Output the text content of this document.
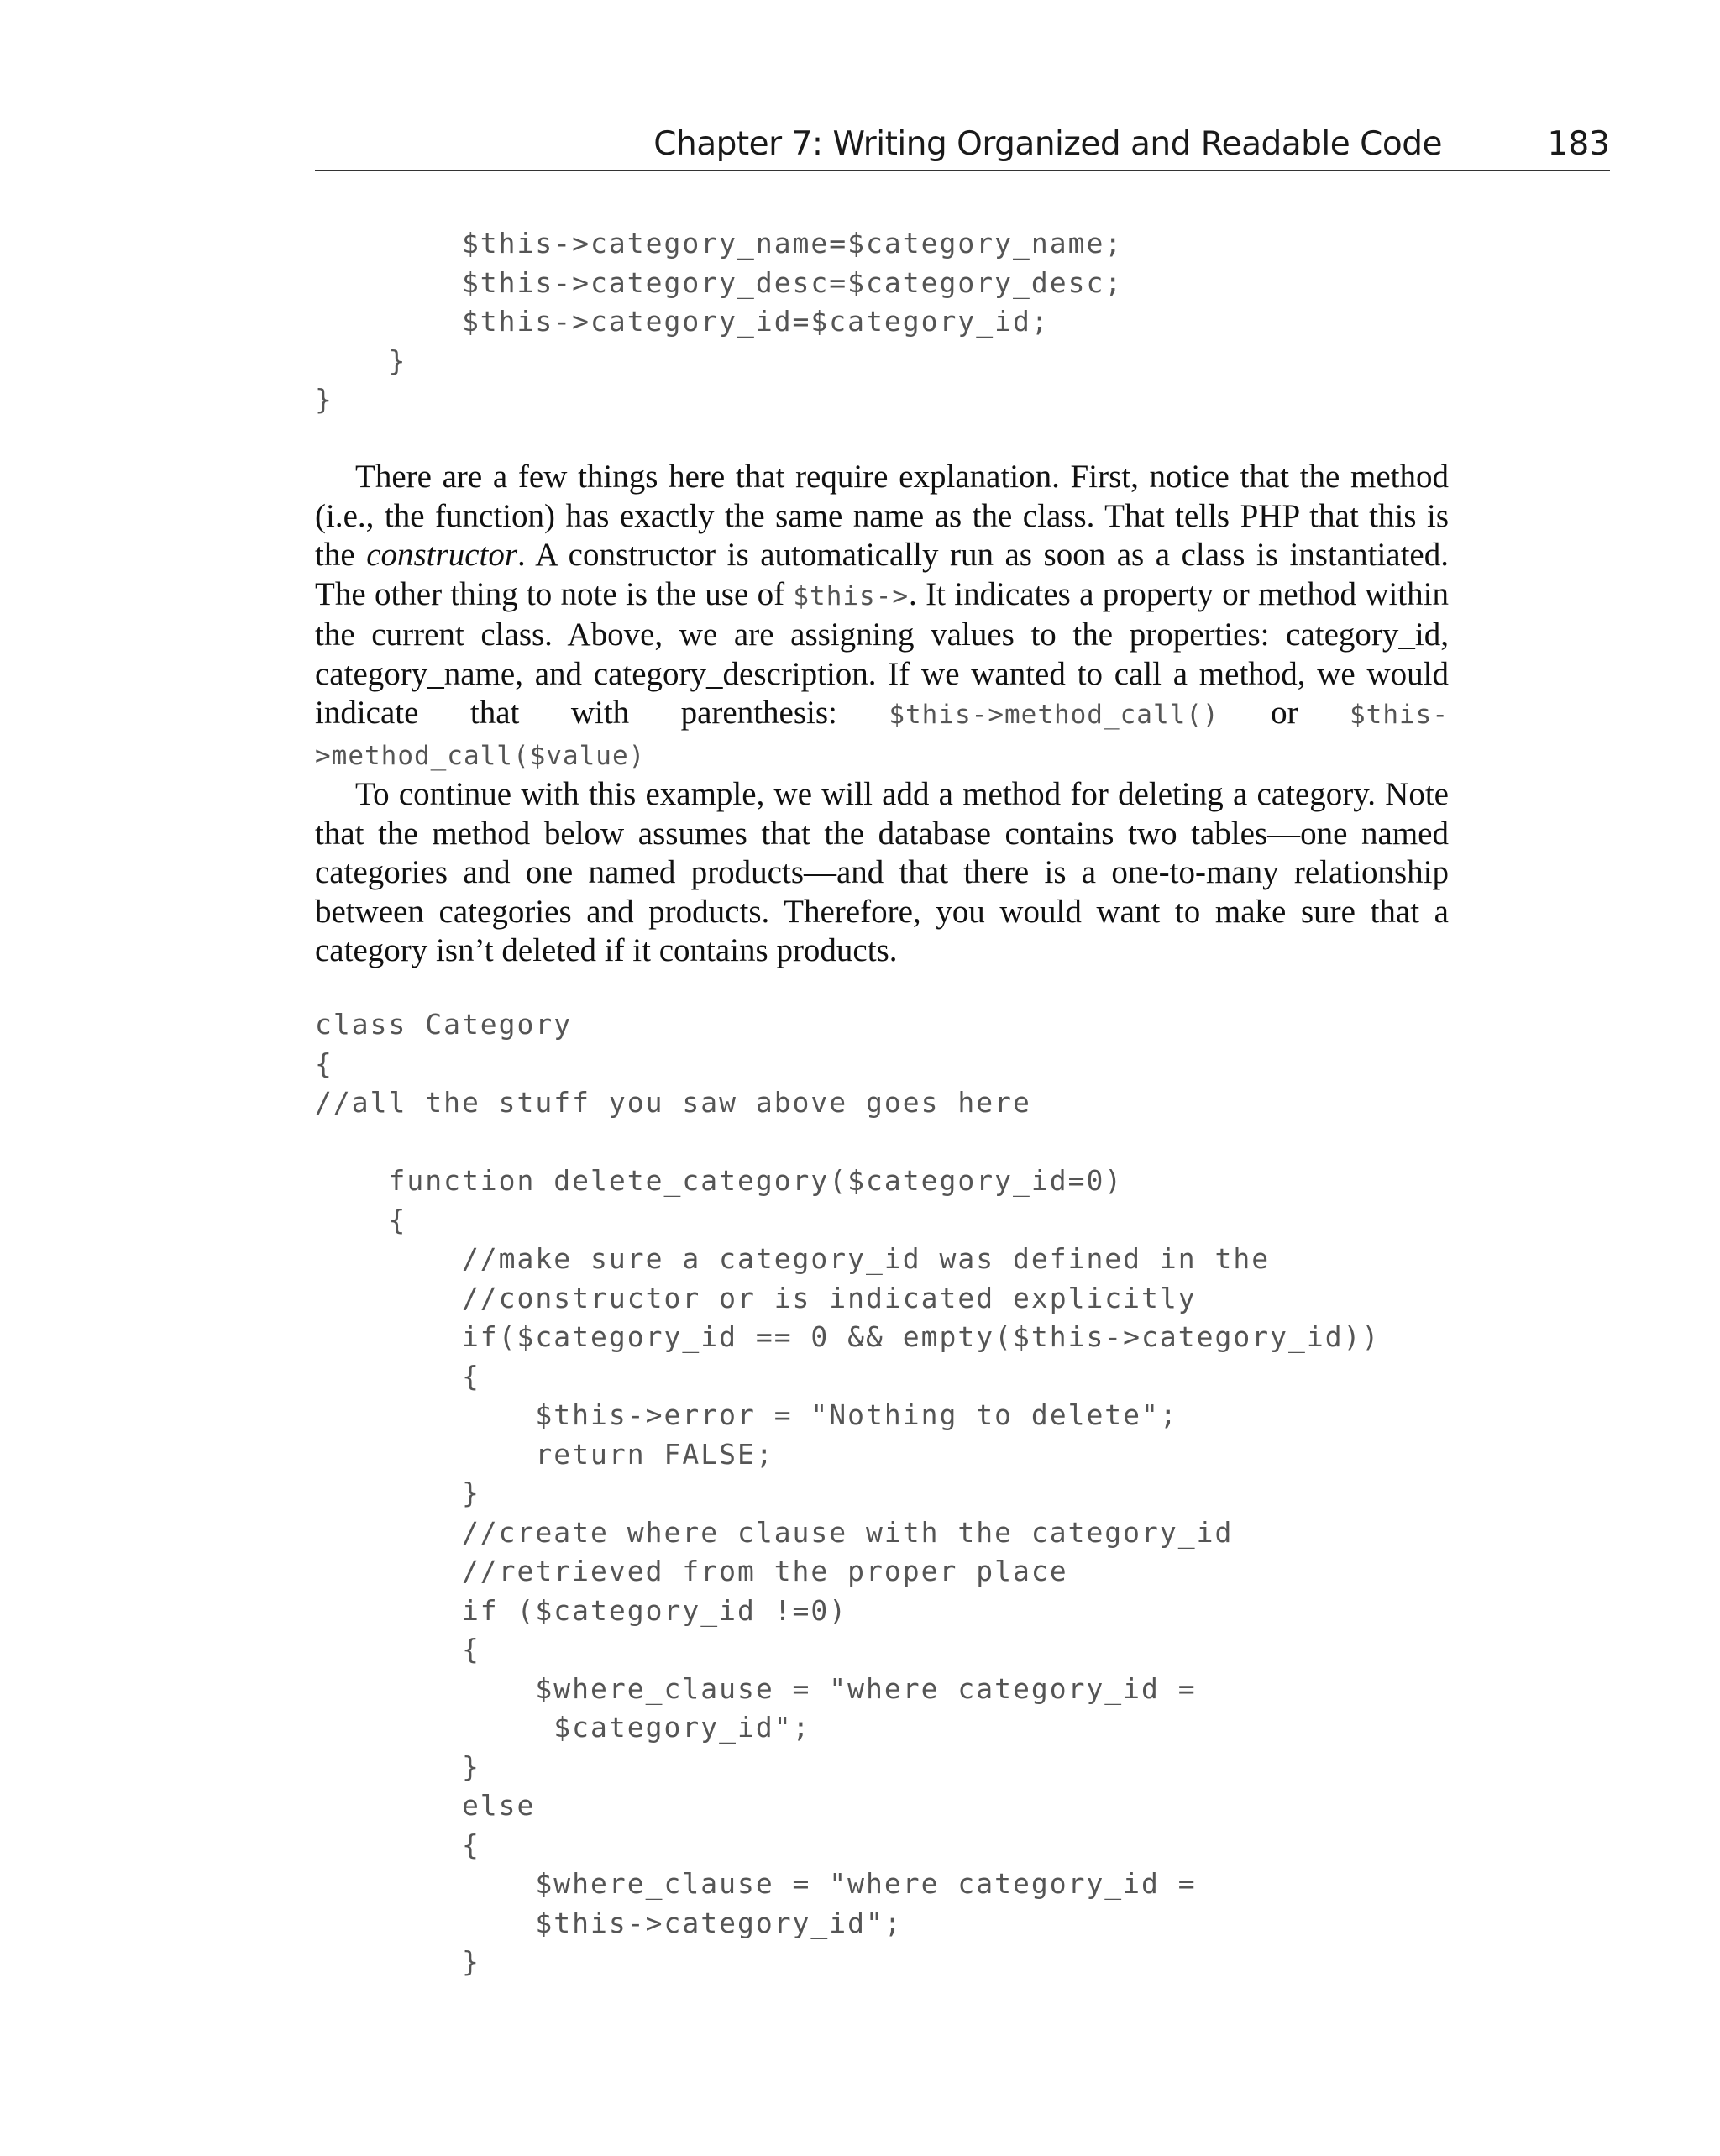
Chapter 7: Writing Organized and Readable Code	183
$this->category_name=$category_name;
$this->category_desc=$category_desc;
$this->category_id=$category_id;
}
}

There are a few things here that require explanation. First, notice that the method (i.e., the function) has exactly the same name as the class. That tells PHP that this is the constructor. A constructor is automatically run as soon as a class is instantiated. The other thing to note is the use of $this->. It indicates a property or method within the current class. Above, we are assigning values to the properties: category_id, category_name, and category_description. If we wanted to call a method, we would indicate that with parenthesis: $this->method_call() or $this->method_call($value)

To continue with this example, we will add a method for deleting a category. Note that the method below assumes that the database contains two tables—one named categories and one named products—and that there is a one-to-many relationship between categories and products. Therefore, you would want to make sure that a category isn’t deleted if it contains products.

class Category
{
//all the stuff you saw above goes here
function delete_category($category_id=0)
{
//make sure a category_id was defined in the
//constructor or is indicated explicitly
if($category_id == 0 && empty($this->category_id))
{
$this->error = "Nothing to delete";
return FALSE;
}
//create where clause with the category_id
//retrieved from the proper place
if ($category_id !=0)
{
$where_clause = "where category_id =
$category_id";
}
else
{
$where_clause = "where category_id =
$this->category_id";
}
